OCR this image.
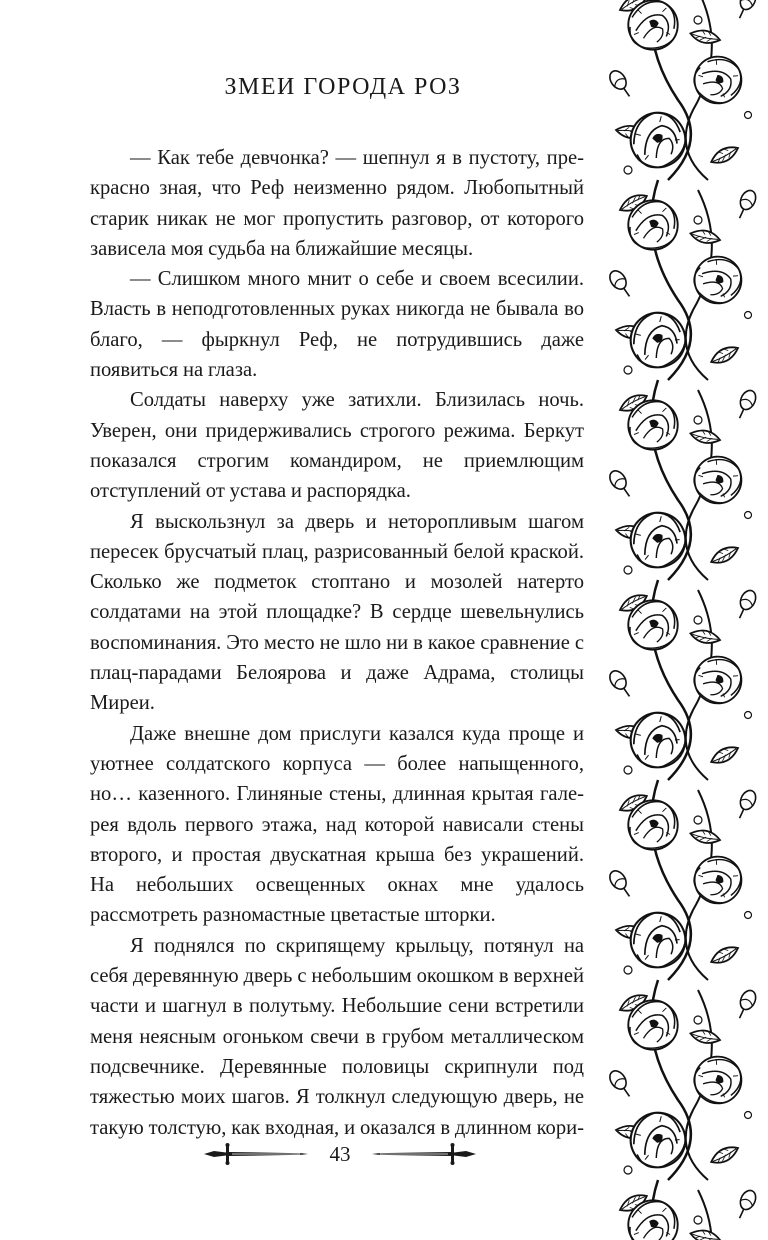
ЗМЕИ ГОРОДА РОЗ

— Как тебе девчонка? — шепнул я в пустоту, прекрасно зная, что Реф неизменно рядом. Любопытный старик никак не мог пропустить разговор, от которого зависела моя судьба на ближайшие месяцы.

— Слишком много мнит о себе и своем всесилии. Власть в неподготовленных руках никогда не бывала во благо, — фыркнул Реф, не потрудившись даже появиться на глаза.

Солдаты наверху уже затихли. Близилась ночь. Уверен, они придерживались строгого режима. Беркут показался строгим командиром, не приемлющим отступлений от устава и распорядка.

Я выскользнул за дверь и неторопливым шагом пересек брусчатый плац, разрисованный белой краской. Сколько же подметок стоптано и мозолей натерто солдатами на этой площадке? В сердце шевельнулись воспоминания. Это место не шло ни в какое сравнение с плац-парадами Белоярова и даже Адрама, столицы Миреи.

Даже внешне дом прислуги казался куда проще и уютнее солдатского корпуса — более напыщенного, но… казенного. Глиняные стены, длинная крытая галерея вдоль первого этажа, над которой нависали стены второго, и простая двускатная крыша без украшений. На небольших освещенных окнах мне удалось рассмотреть разномастные цветастые шторки.

Я поднялся по скрипящему крыльцу, потянул на себя деревянную дверь с небольшим окошком в верхней части и шагнул в полутьму. Небольшие сени встретили меня неясным огоньком свечи в грубом металлическом подсвечнике. Деревянные половицы скрипнули под тяжестью моих шагов. Я толкнул следующую дверь, не такую толстую, как входная, и оказался в длинном кори-

43
